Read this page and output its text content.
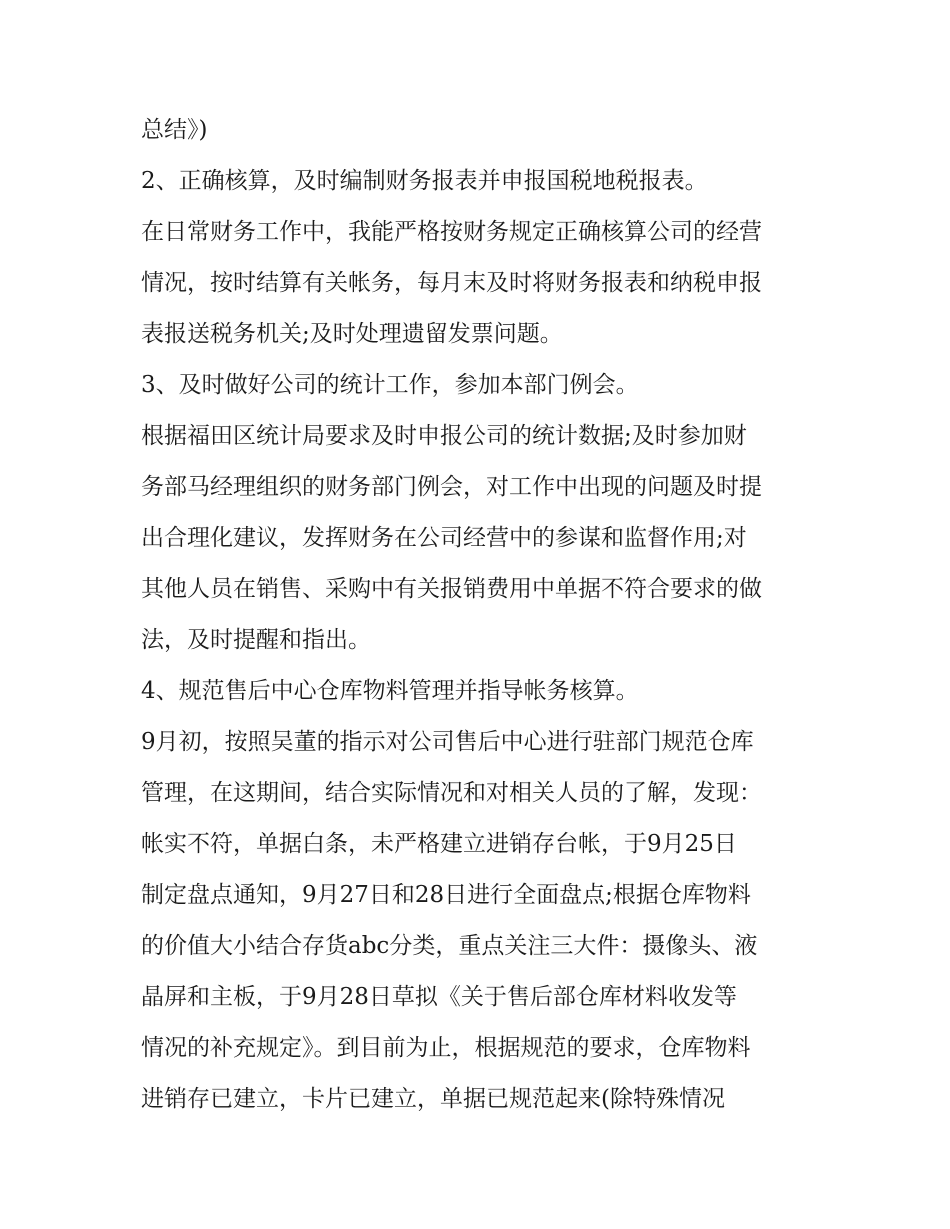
总结》)
2、正确核算，及时编制财务报表并申报国税地税报表。
在日常财务工作中，我能严格按财务规定正确核算公司的经营
情况，按时结算有关帐务，每月末及时将财务报表和纳税申报
表报送税务机关;及时处理遗留发票问题。
3、及时做好公司的统计工作，参加本部门例会。
根据福田区统计局要求及时申报公司的统计数据;及时参加财
务部马经理组织的财务部门例会，对工作中出现的问题及时提
出合理化建议，发挥财务在公司经营中的参谋和监督作用;对
其他人员在销售、采购中有关报销费用中单据不符合要求的做
法，及时提醒和指出。
4、规范售后中心仓库物料管理并指导帐务核算。
9月初，按照吴董的指示对公司售后中心进行驻部门规范仓库
管理，在这期间，结合实际情况和对相关人员的了解，发现：
帐实不符，单据白条，未严格建立进销存台帐，于9月25日
制定盘点通知，9月27日和28日进行全面盘点;根据仓库物料
的价值大小结合存货abc分类，重点关注三大件：摄像头、液
晶屏和主板，于9月28日草拟《关于售后部仓库材料收发等
情况的补充规定》。到目前为止，根据规范的要求，仓库物料
进销存已建立，卡片已建立，单据已规范起来(除特殊情况
